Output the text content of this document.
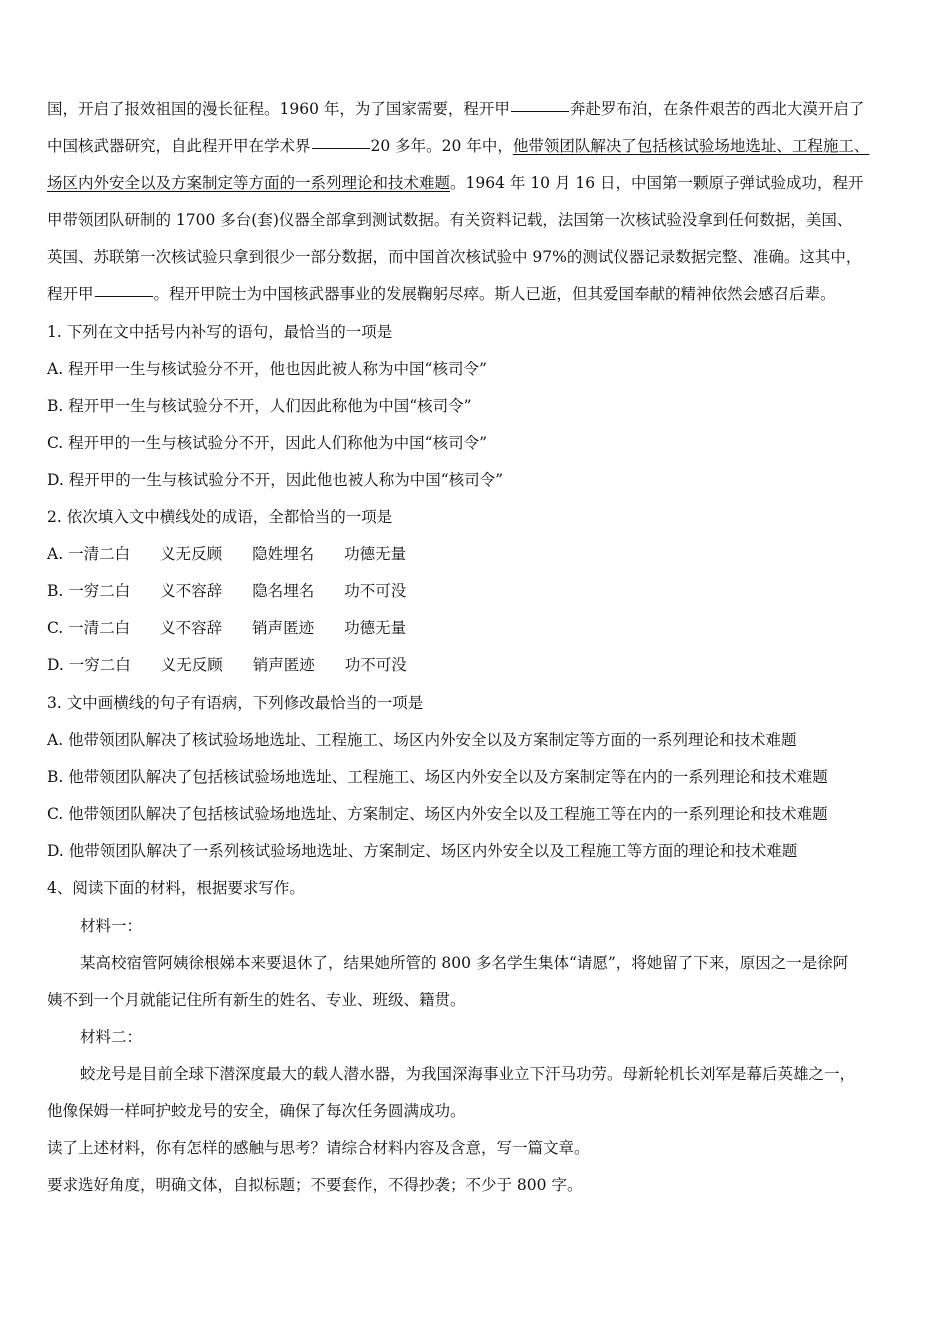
国，开启了报效祖国的漫长征程。1960 年，为了国家需要，程开甲	奔赴罗布泊，在条件艰苦的西北大漠开启了
中国核武器研究，自此程开甲在学术界	20 多年。20 年中，他带领团队解决了包括核试验场地选址、工程施工、
场区内外安全以及方案制定等方面的一系列理论和技术难题。1964 年 10 月 16 日，中国第一颗原子弹试验成功，程开
甲带领团队研制的 1700 多台(套)仪器全部拿到测试数据。有关资料记载，法国第一次核试验没拿到任何数据，美国、
英国、苏联第一次核试验只拿到很少一部分数据，而中国首次核试验中 97%的测试仪器记录数据完整、准确。这其中，
程开甲	。程开甲院士为中国核武器事业的发展鞠躬尽瘁。斯人已逝，但其爱国奉献的精神依然会感召后辈。
1. 下列在文中括号内补写的语句，最恰当的一项是
A. 程开甲一生与核试验分不开，他也因此被人称为中国“核司令”
B. 程开甲一生与核试验分不开，人们因此称他为中国“核司令”
C. 程开甲的一生与核试验分不开，因此人们称他为中国“核司令”
D. 程开甲的一生与核试验分不开，因此他也被人称为中国“核司令”
2. 依次填入文中横线处的成语，全都恰当的一项是
A. 一清二白 义无反顾 隐姓埋名 功德无量
B. 一穷二白 义不容辞 隐名埋名 功不可没
C. 一清二白 义不容辞 销声匿迹 功德无量
D. 一穷二白 义无反顾 销声匿迹 功不可没
3. 文中画横线的句子有语病，下列修改最恰当的一项是
A. 他带领团队解决了核试验场地选址、工程施工、场区内外安全以及方案制定等方面的一系列理论和技术难题
B. 他带领团队解决了包括核试验场地选址、工程施工、场区内外安全以及方案制定等在内的一系列理论和技术难题
C. 他带领团队解决了包括核试验场地选址、方案制定、场区内外安全以及工程施工等在内的一系列理论和技术难题
D. 他带领团队解决了一系列核试验场地选址、方案制定、场区内外安全以及工程施工等方面的理论和技术难题
4、阅读下面的材料，根据要求写作。
材料一：
某高校宿管阿姨徐根娣本来要退休了，结果她所管的 800 多名学生集体“请愿”，将她留了下来，原因之一是徐阿
姨不到一个月就能记住所有新生的姓名、专业、班级、籍贯。
材料二：
蛟龙号是目前全球下潜深度最大的载人潜水器，为我国深海事业立下汗马功劳。母新轮机长刘军是幕后英雄之一，
他像保姆一样呵护蛟龙号的安全，确保了每次任务圆满成功。
读了上述材料，你有怎样的感触与思考？请综合材料内容及含意，写一篇文章。
要求选好角度，明确文体，自拟标题；不要套作，不得抄袭；不少于 800 字。
